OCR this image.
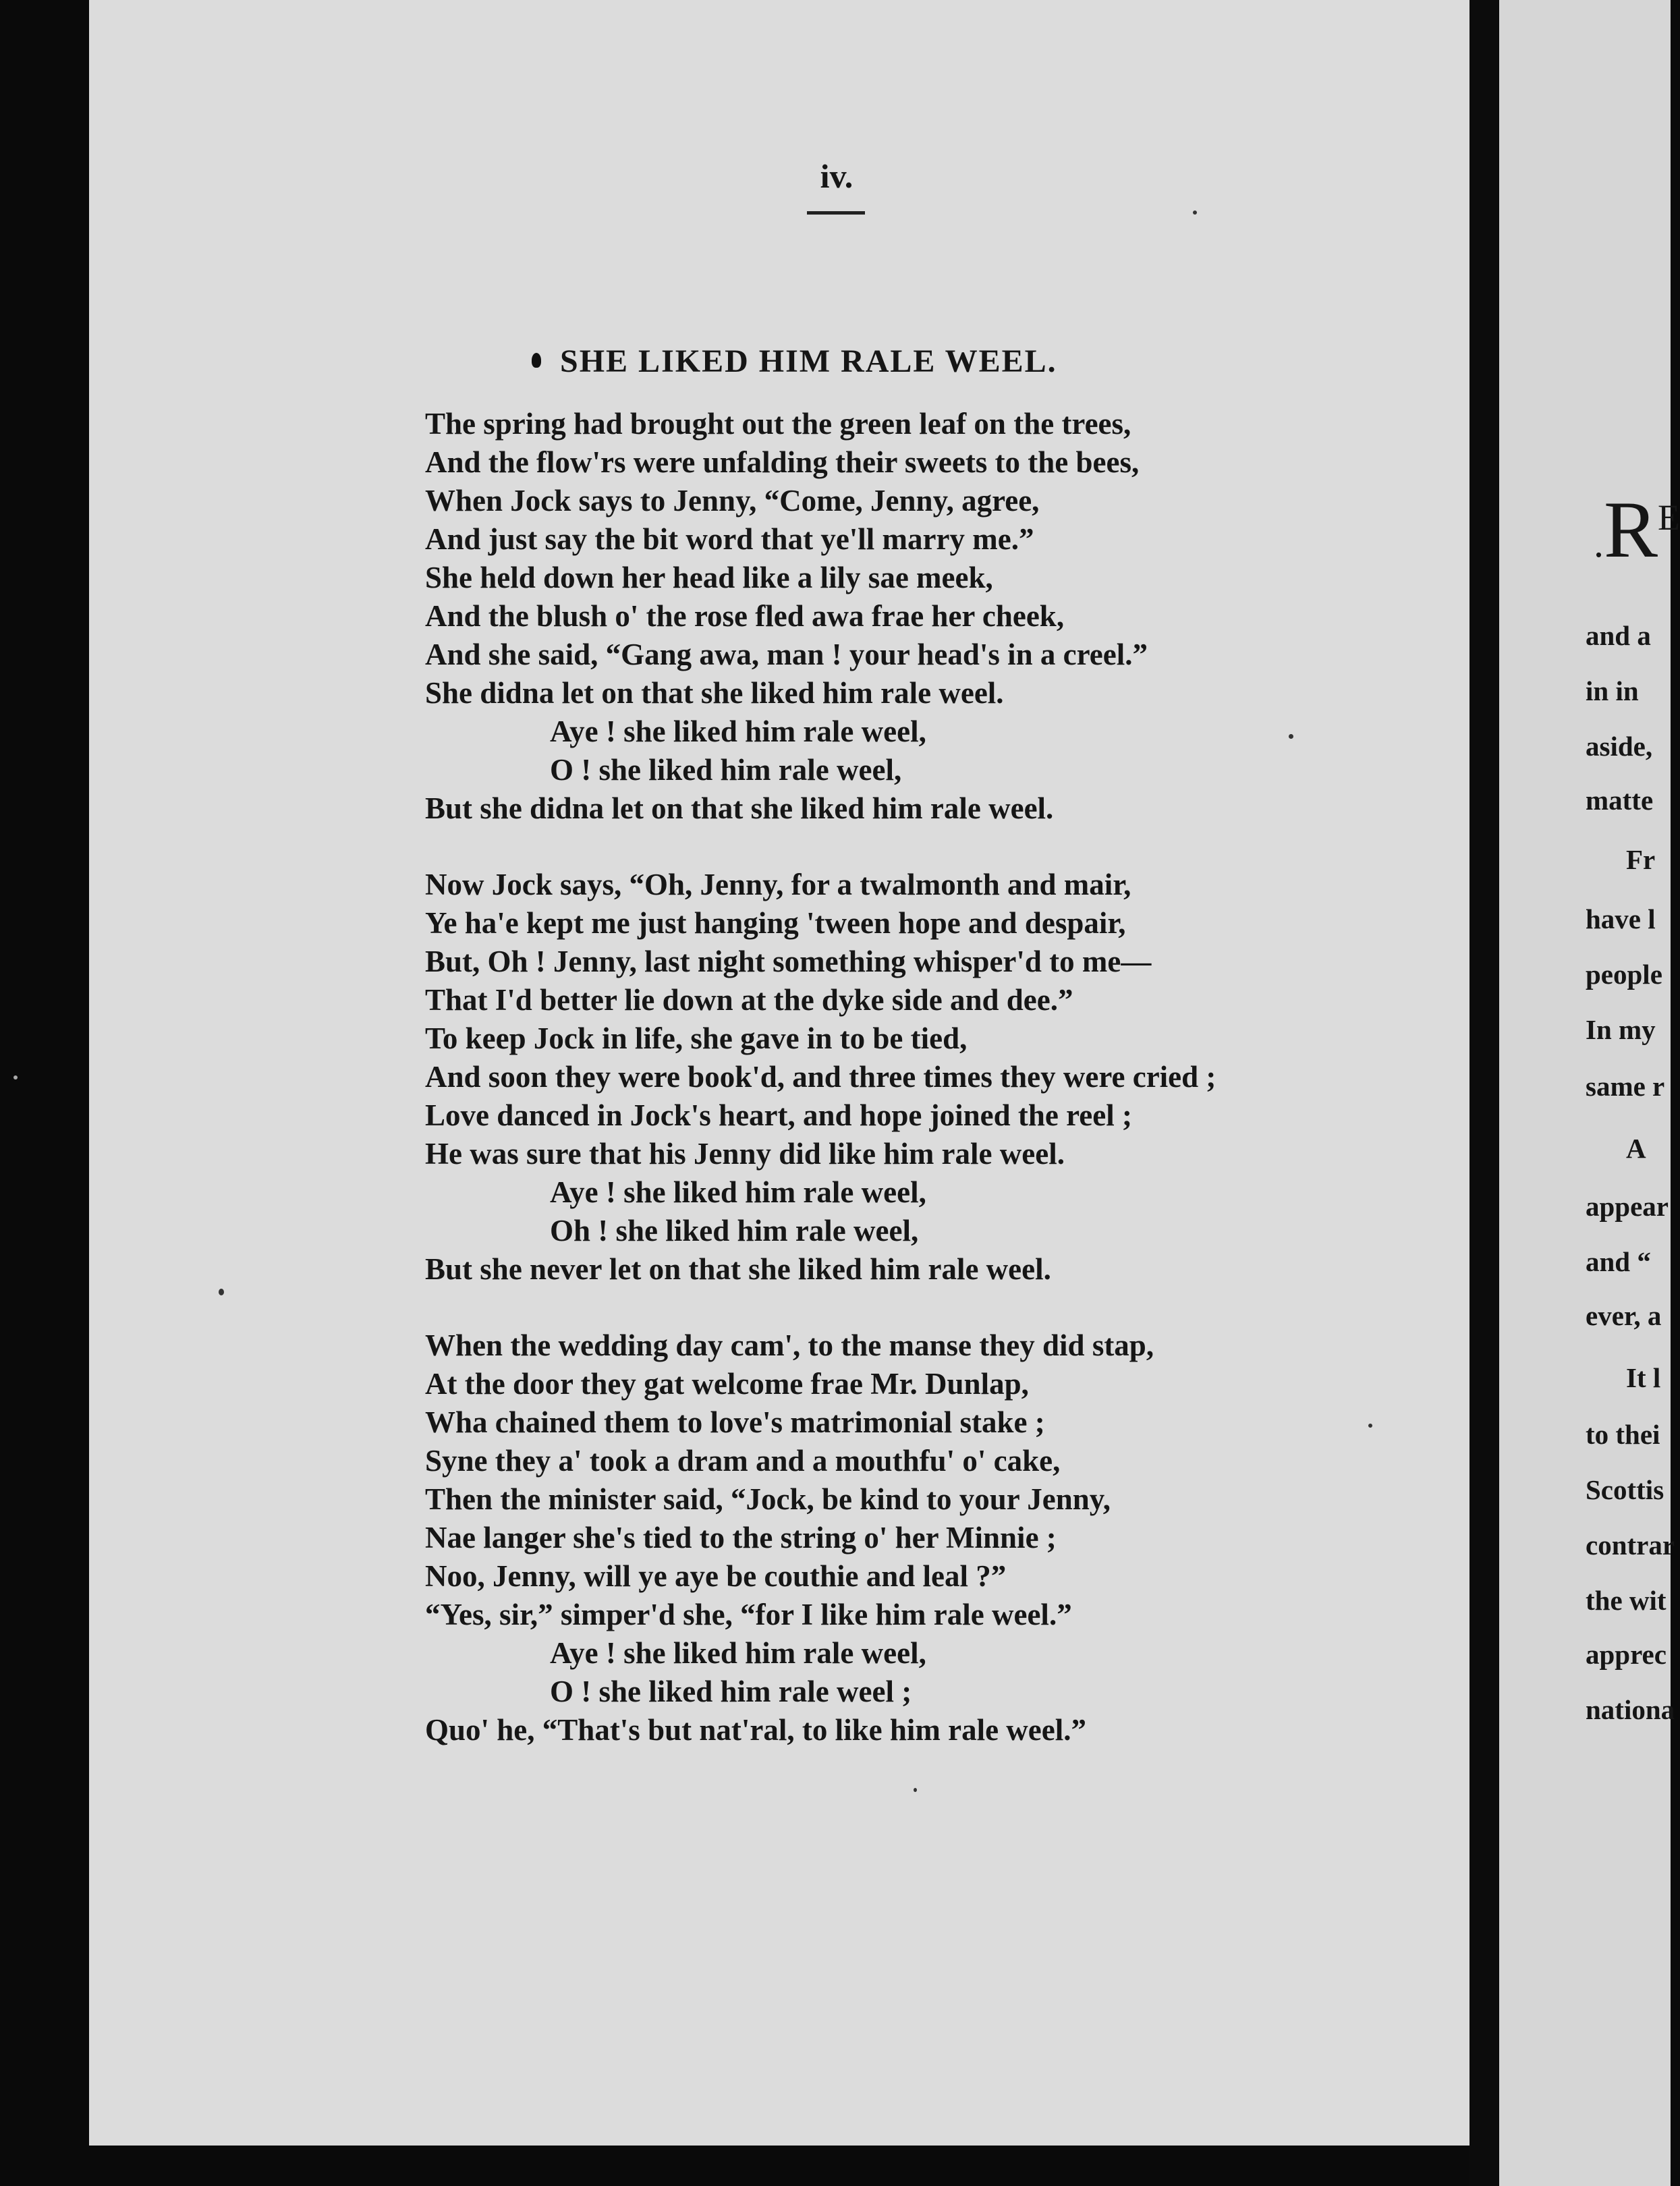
iv.
SHE LIKED HIM RALE WEEL.
The spring had brought out the green leaf on the trees,
And the flow'rs were unfalding their sweets to the bees,
When Jock says to Jenny, “Come, Jenny, agree,
And just say the bit word that ye'll marry me.”
She held down her head like a lily sae meek,
And the blush o' the rose fled awa frae her cheek,
And she said, “Gang awa, man ! your head's in a creel.”
She didna let on that she liked him rale weel.
Aye ! she liked him rale weel,
O ! she liked him rale weel,
But she didna let on that she liked him rale weel.
Now Jock says, “Oh, Jenny, for a twalmonth and mair,
Ye ha'e kept me just hanging 'tween hope and despair,
But, Oh ! Jenny, last night something whisper'd to me—
That I'd better lie down at the dyke side and dee.”
To keep Jock in life, she gave in to be tied,
And soon they were book'd, and three times they were cried ;
Love danced in Jock's heart, and hope joined the reel ;
He was sure that his Jenny did like him rale weel.
Aye ! she liked him rale weel,
Oh ! she liked him rale weel,
But she never let on that she liked him rale weel.
When the wedding day cam', to the manse they did stap,
At the door they gat welcome frae Mr. Dunlap,
Wha chained them to love's matrimonial stake ;
Syne they a' took a dram and a mouthfu' o' cake,
Then the minister said, “Jock, be kind to your Jenny,
Nae langer she's tied to the string o' her Minnie ;
Noo, Jenny, will ye aye be couthie and leal ?”
“Yes, sir,” simper'd she, “for I like him rale weel.”
Aye ! she liked him rale weel,
O ! she liked him rale weel ;
Quo' he, “That's but nat'ral, to like him rale weel.”
$.R^E$
and a
in in
aside,
matte
Fr
have l
people
In my
same r
A
appear
and “
ever, a
It l
to thei
Scottis
contrar
the wit
apprec
nationa
